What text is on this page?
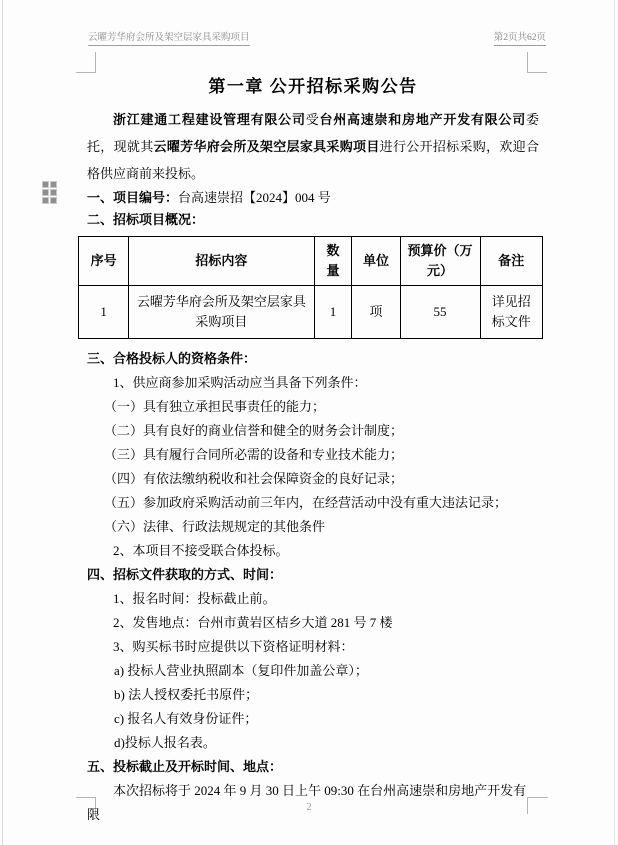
云曜芳华府会所及架空层家具采购项目	第2页共62页
第一章 公开招标采购公告

浙江建通工程建设管理有限公司受台州高速崇和房地产开发有限公司委托，现就其云曜芳华府会所及架空层家具采购项目进行公开招标采购，欢迎合格供应商前来投标。

一、项目编号：台高速崇招【2024】004 号

二、招标项目概况：

序号	招标内容	数量	单位	预算价（万元）	备注
1	云曜芳华府会所及架空层家具采购项目	1	项	55	详见招标文件

三、合格投标人的资格条件：

1、供应商参加采购活动应当具备下列条件：

（一）具有独立承担民事责任的能力；

（二）具有良好的商业信誉和健全的财务会计制度；

（三）具有履行合同所必需的设备和专业技术能力；

（四）有依法缴纳税收和社会保障资金的良好记录；

（五）参加政府采购活动前三年内，在经营活动中没有重大违法记录；

（六）法律、行政法规规定的其他条件

2、本项目不接受联合体投标。

四、招标文件获取的方式、时间：

1、报名时间：投标截止前。

2、发售地点：台州市黄岩区桔乡大道 281 号 7 楼

3、购买标书时应提供以下资格证明材料：

a) 投标人营业执照副本（复印件加盖公章）；

b) 法人授权委托书原件；

c) 报名人有效身份证件；

d)投标人报名表。

五、投标截止及开标时间、地点：

本次招标将于 2024 年 9 月 30 日上午 09:30 在台州高速崇和房地产开发有限	2
